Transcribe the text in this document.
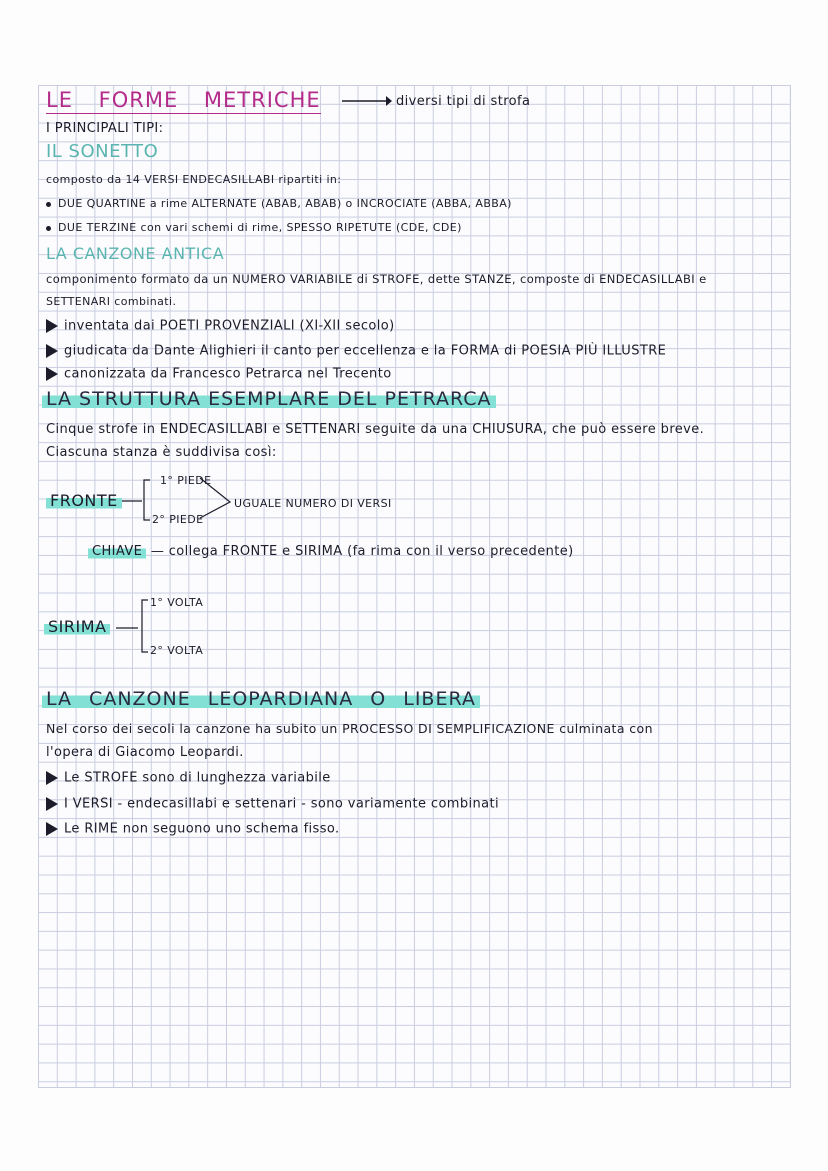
LE FORME METRICHE	diversi tipi di strofa
I PRINCIPALI TIPI:
IL SONETTO
composto da 14 VERSI ENDECASILLABI ripartiti in:
DUE QUARTINE a rime ALTERNATE (ABAB, ABAB) o INCROCIATE (ABBA, ABBA)
DUE TERZINE con vari schemi di rime, SPESSO RIPETUTE (CDE, CDE)
LA CANZONE ANTICA
componimento formato da un NUMERO VARIABILE di STROFE, dette STANZE, composte di ENDECASILLABI e
SETTENARI combinati.
inventata dai POETI PROVENZIALI (XI-XII secolo)
giudicata da Dante Alighieri il canto per eccellenza e la FORMA di POESIA PIÙ ILLUSTRE
canonizzata da Francesco Petrarca nel Trecento
LA STRUTTURA ESEMPLARE DEL PETRARCA
Cinque strofe in ENDECASILLABI e SETTENARI seguite da una CHIUSURA, che può essere breve.
Ciascuna stanza è suddivisa così:
FRONTE
1° PIEDE
2° PIEDE
UGUALE NUMERO DI VERSI
CHIAVE — collega FRONTE e SIRIMA (fa rima con il verso precedente)
SIRIMA
1° VOLTA
2° VOLTA
LA CANZONE LEOPARDIANA O LIBERA
Nel corso dei secoli la canzone ha subito un PROCESSO DI SEMPLIFICAZIONE culminata con
l'opera di Giacomo Leopardi.
Le STROFE sono di lunghezza variabile
I VERSI - endecasillabi e settenari - sono variamente combinati
Le RIME non seguono uno schema fisso.
